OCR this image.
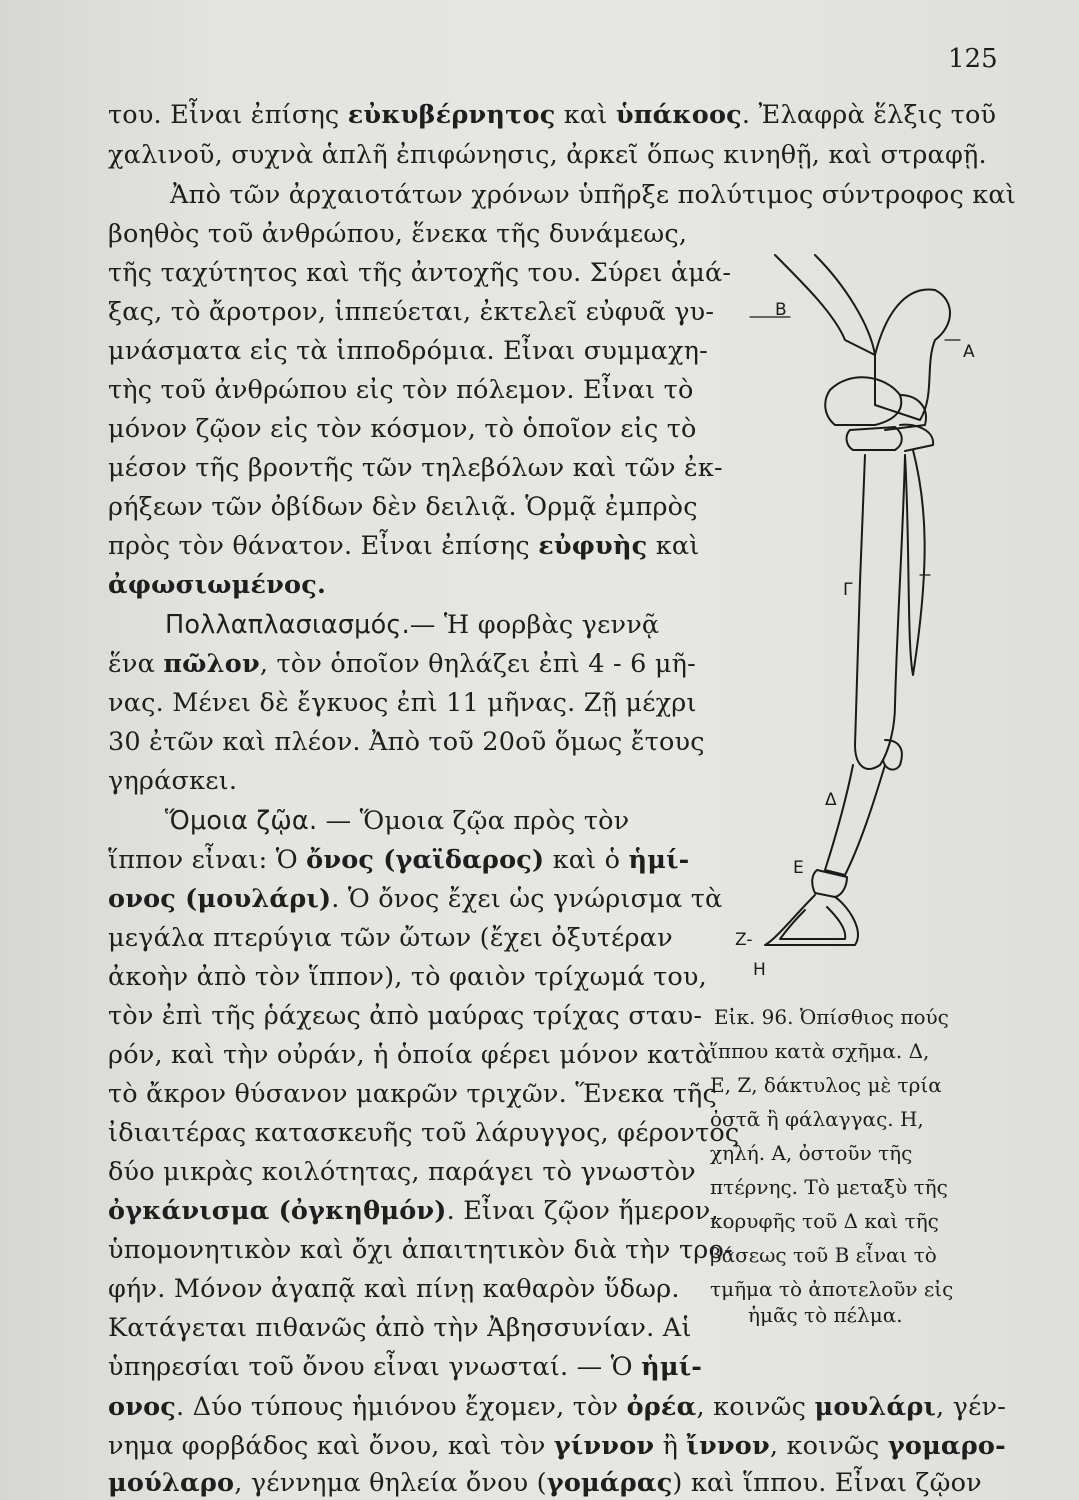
125
του. Εἶναι ἐπίσης εὐκυβέρνητος καὶ ὑπάκοος. Ἐλαφρὰ ἕλξις τοῦ
χαλινοῦ, συχνὰ ἁπλῆ ἐπιφώνησις, ἀρκεῖ ὅπως κινηθῇ, καὶ στραφῇ.
Ἀπὸ τῶν ἀρχαιοτάτων χρόνων ὑπῆρξε πολύτιμος σύντροφος καὶ
βοηθὸς τοῦ ἀνθρώπου, ἕνεκα τῆς δυνάμεως,
τῆς ταχύτητος καὶ τῆς ἀντοχῆς του. Σύρει ἁμά-
ξας, τὸ ἄροτρον, ἱππεύεται, ἐκτελεῖ εὐφυᾶ γυ-
μνάσματα εἰς τὰ ἱπποδρόμια. Εἶναι συμμαχη-
τὴς τοῦ ἀνθρώπου εἰς τὸν πόλεμον. Εἶναι τὸ
μόνον ζῷον εἰς τὸν κόσμον, τὸ ὁποῖον εἰς τὸ
μέσον τῆς βροντῆς τῶν τηλεβόλων καὶ τῶν ἐκ-
ρήξεων τῶν ὀβίδων δὲν δειλιᾷ. Ὁρμᾷ ἐμπρὸς
πρὸς τὸν θάνατον. Εἶναι ἐπίσης εὐφυὴς καὶ
ἀφωσιωμένος.
Πολλαπλασιασμός.— Ἡ φορβὰς γεννᾷ
ἕνα πῶλον, τὸν ὁποῖον θηλάζει ἐπὶ 4 - 6 μῆ-
νας. Μένει δὲ ἔγκυος ἐπὶ 11 μῆνας. Ζῇ μέχρι
30 ἐτῶν καὶ πλέον. Ἀπὸ τοῦ 20οῦ ὅμως ἔτους
γηράσκει.
Ὅμοια ζῷα. — Ὅμοια ζῷα πρὸς τὸν
ἵππον εἶναι: Ὁ ὄνος (γαϊδαρος) καὶ ὁ ἡμί-
ονος (μουλάρι). Ὁ ὄνος ἔχει ὡς γνώρισμα τὰ
μεγάλα πτερύγια τῶν ὤτων (ἔχει ὀξυτέραν
ἀκοὴν ἀπὸ τὸν ἵππον), τὸ φαιὸν τρίχωμά του,
τὸν ἐπὶ τῆς ῥάχεως ἀπὸ μαύρας τρίχας σταυ-
ρόν, καὶ τὴν οὐράν, ἡ ὁποία φέρει μόνον κατὰ
τὸ ἄκρον θύσανον μακρῶν τριχῶν. Ἕνεκα τῆς
ἰδιαιτέρας κατασκευῆς τοῦ λάρυγγος, φέροντος
δύο μικρὰς κοιλότητας, παράγει τὸ γνωστὸν
ὀγκάνισμα (ὀγκηθμόν). Εἶναι ζῷον ἥμερον,
ὑπομονητικὸν καὶ ὄχι ἀπαιτητικὸν διὰ τὴν τρο-
φήν. Μόνον ἀγαπᾷ καὶ πίνῃ καθαρὸν ὕδωρ.
Κατάγεται πιθανῶς ἀπὸ τὴν Ἀβησσυνίαν. Αἱ
ὑπηρεσίαι τοῦ ὄνου εἶναι γνωσταί. — Ὁ ἡμί-
ονος. Δύο τύπους ἡμιόνου ἔχομεν, τὸν ὀρέα, κοινῶς μουλάρι, γέν-
νημα φορβάδος καὶ ὄνου, καὶ τὸν γίννον ἢ ἴννον, κοινῶς γομαρο-
μούλαρο, γέννημα θηλεία ὄνου (γομάρας) καὶ ἵππου. Εἶναι ζῷον
B
A
Γ
Δ
E
Z-
H
Εἰκ. 96. Ὀπίσθιος πούς
ἵππου κατὰ σχῆμα. Δ,
Ε, Ζ, δάκτυλος μὲ τρία
ὀστᾶ ἢ φάλαγγας. Η,
χηλή. Α, ὀστοῦν τῆς
πτέρνης. Τὸ μεταξὺ τῆς
κορυφῆς τοῦ Δ καὶ τῆς
βάσεως τοῦ Β εἶναι τὸ
τμῆμα τὸ ἀποτελοῦν εἰς
ἡμᾶς τὸ πέλμα.
